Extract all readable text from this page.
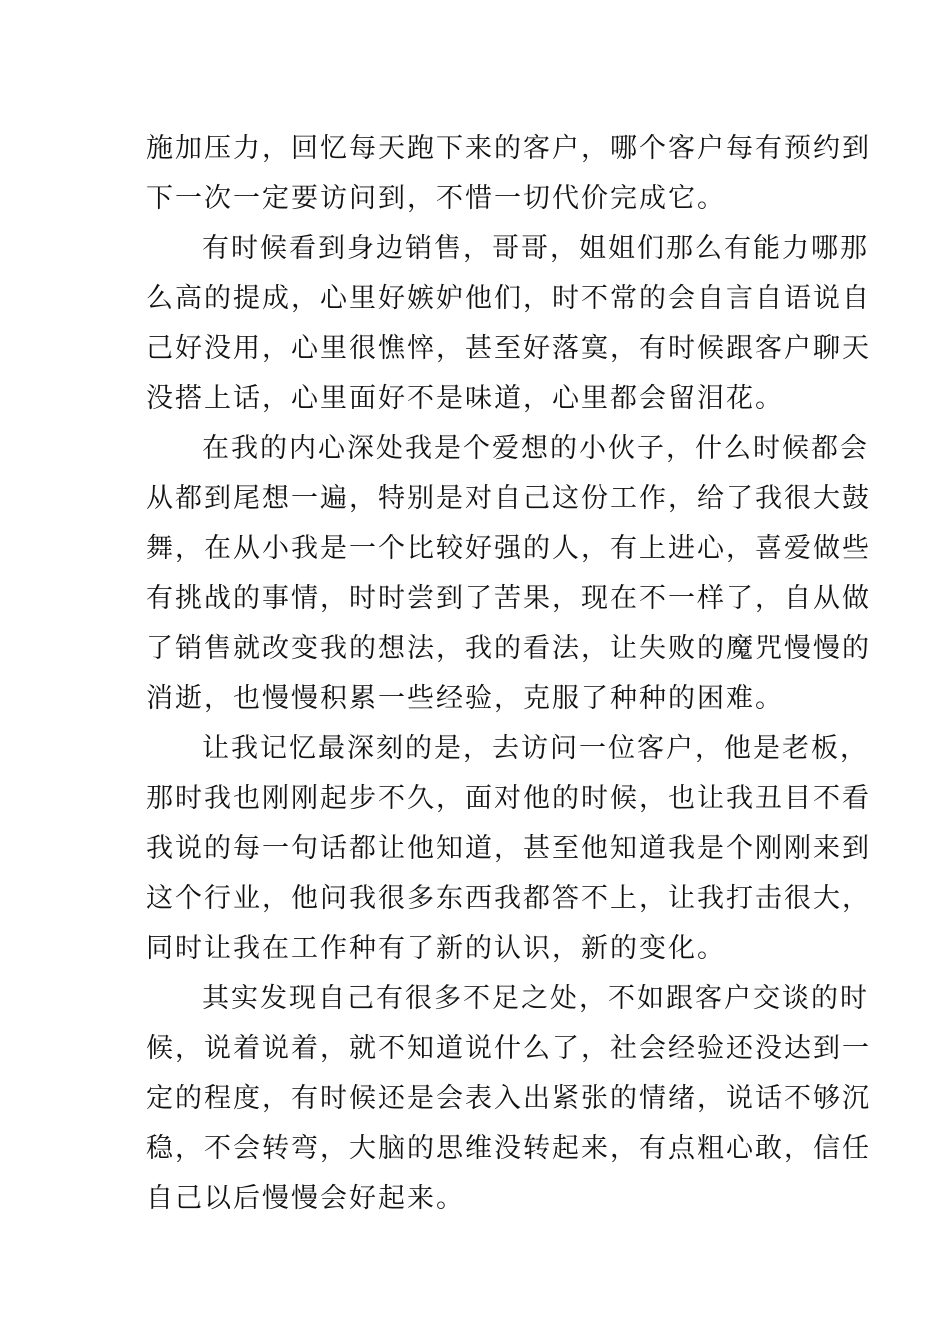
施加压力，回忆每天跑下来的客户，哪个客户每有预约到
下一次一定要访问到，不惜一切代价完成它。
有时候看到身边销售，哥哥，姐姐们那么有能力哪那
么高的提成，心里好嫉妒他们，时不常的会自言自语说自
己好没用，心里很憔悴，甚至好落寞，有时候跟客户聊天
没搭上话，心里面好不是味道，心里都会留泪花。
在我的内心深处我是个爱想的小伙子，什么时候都会
从都到尾想一遍，特别是对自己这份工作，给了我很大鼓
舞，在从小我是一个比较好强的人，有上进心，喜爱做些
有挑战的事情，时时尝到了苦果，现在不一样了，自从做
了销售就改变我的想法，我的看法，让失败的魔咒慢慢的
消逝，也慢慢积累一些经验，克服了种种的困难。
让我记忆最深刻的是，去访问一位客户，他是老板，
那时我也刚刚起步不久，面对他的时候，也让我丑目不看
我说的每一句话都让他知道，甚至他知道我是个刚刚来到
这个行业，他问我很多东西我都答不上，让我打击很大，
同时让我在工作种有了新的认识，新的变化。
其实发现自己有很多不足之处，不如跟客户交谈的时
候，说着说着，就不知道说什么了，社会经验还没达到一
定的程度，有时候还是会表入出紧张的情绪，说话不够沉
稳，不会转弯，大脑的思维没转起来，有点粗心敢，信任
自己以后慢慢会好起来。
